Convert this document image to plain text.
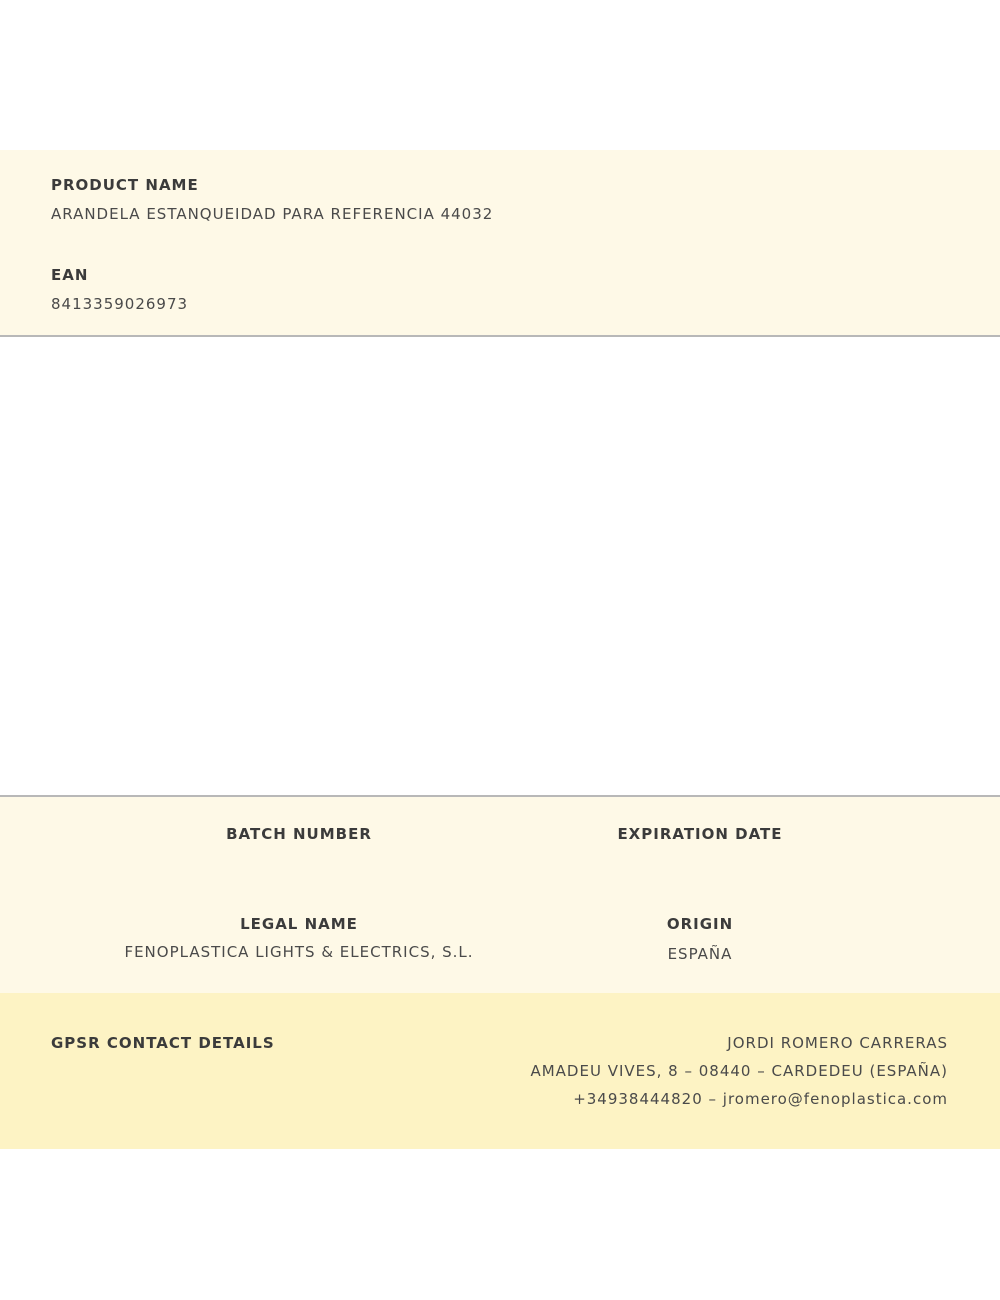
PRODUCT NAME
ARANDELA ESTANQUEIDAD PARA REFERENCIA 44032
EAN
8413359026973
BATCH NUMBER	EXPIRATION DATE
LEGAL NAME
FENOPLASTICA LIGHTS & ELECTRICS, S.L.
ORIGIN
ESPAÑA
GPSR CONTACT DETAILS	JORDI ROMERO CARRERAS
AMADEU VIVES, 8 – 08440 – CARDEDEU (ESPAÑA)
+34938444820 – jromero@fenoplastica.com
